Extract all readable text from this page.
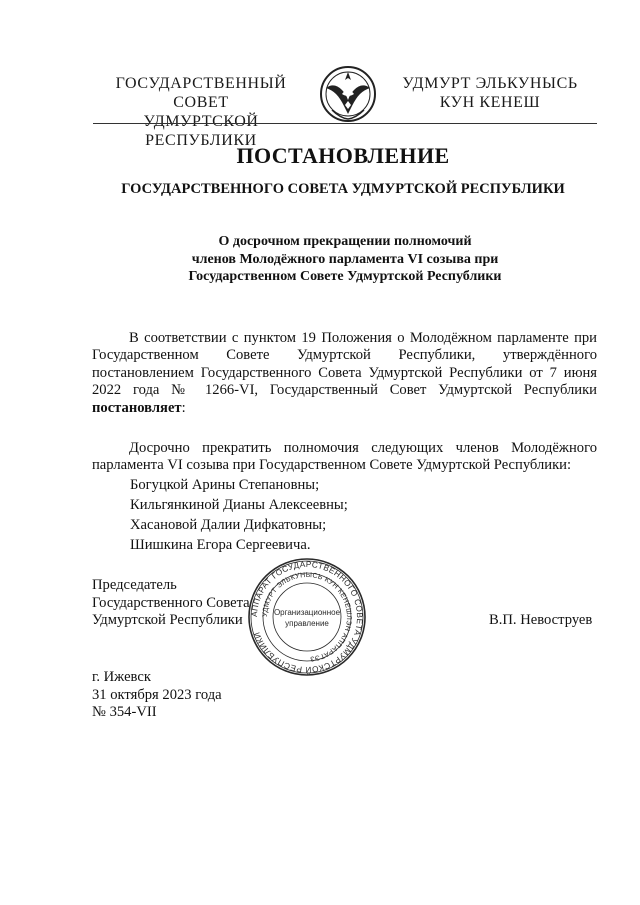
ГОСУДАРСТВЕННЫЙ СОВЕТ
УДМУРТСКОЙ РЕСПУБЛИКИ
УДМУРТ ЭЛЬКУНЫСЬ
КУН КЕНЕШ
ПОСТАНОВЛЕНИЕ
ГОСУДАРСТВЕННОГО СОВЕТА УДМУРТСКОЙ РЕСПУБЛИКИ
О досрочном прекращении полномочий
членов Молодёжного парламента VI созыва при
Государственном Совете Удмуртской Республики
В соответствии с пунктом 19 Положения о Молодёжном парламенте при Государственном Совете Удмуртской Республики, утверждённого постановлением Государственного Совета Удмуртской Республики от 7 июня 2022 года № 1266-VI, Государственный Совет Удмуртской Республики постановляет:
Досрочно прекратить полномочия следующих членов Молодёжного парламента VI созыва при Государственном Совете Удмуртской Республики:
Богуцкой Арины Степановны;
Кильгянкиной Дианы Алексеевны;
Хасановой Далии Дифкатовны;
Шишкина Егора Сергеевича.
Председатель
Государственного Совета
Удмуртской Республики	В.П. Невоструев
АППАРАТ ГОСУДАРСТВЕННОГО СОВЕТА УДМУРТСКОЙ РЕСПУБЛИКИ
УДМУРТ ЭЛЬКУНЫСЬ КУН КЕНЕШЛЭН АППАРАТЭЗ
Организационное
управление
г. Ижевск
31 октября 2023 года
№ 354-VII
